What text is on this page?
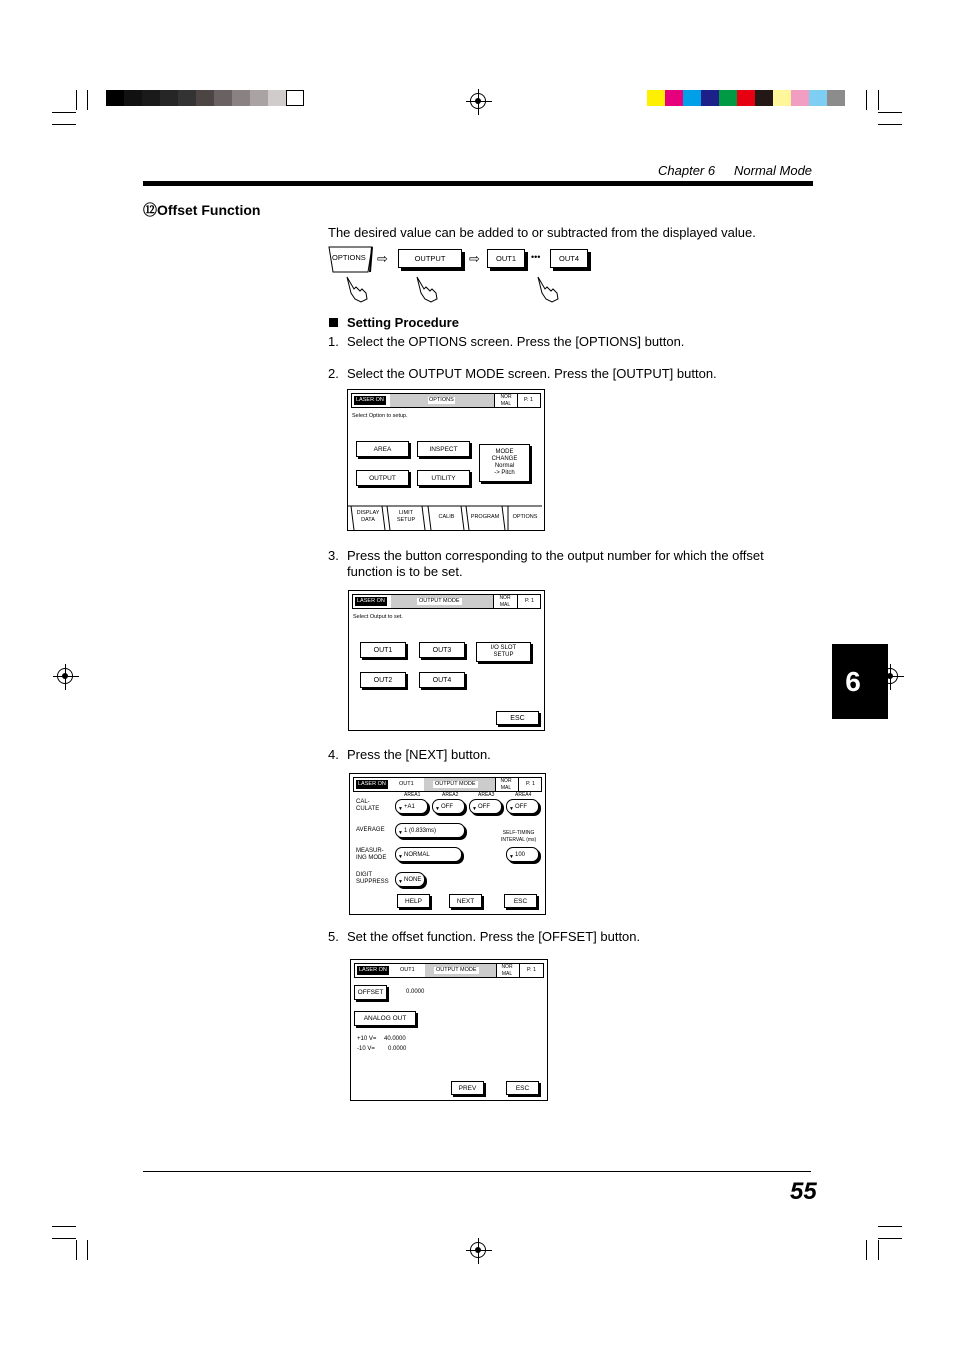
Chapter 6 Normal Mode
⑫Offset Function
The desired value can be added to or subtracted from the displayed value.
OPTIONS ⇨	OUTPUT	⇨	OUT1	•••	OUT4
Setting Procedure
1. Select the OPTIONS screen. Press the [OPTIONS] button.
2. Select the OUTPUT MODE screen. Press the [OUTPUT] button.
LASER ON	OPTIONS	NOR MAL
P. 1
Select Option to setup.
AREA	INSPECT
OUTPUT	UTILITY
MODE
CHANGE
Normal
-> Pitch
DISPLAY
DATA
LIMIT
SETUP	CALIB	PROGRAM	OPTIONS
3. Press the button corresponding to the output number for which the offset
function is to be set.
LASER ON	OUTPUT MODE	NOR MAL
P. 1
Select Output to set.
OUT1	OUT3	I/O SLOT
SETUP
OUT2	OUT4
ESC
4. Press the [NEXT] button.
LASER ON	OUT1	OUTPUT MODE	NOR MAL
P. 1
AREA1	AREA2	AREA3	AREA4
CAL-
CULATE	▼ +A1	▼ OFF	▼ OFF	▼ OFF
AVERAGE	▼ 1 (0.833ms)	SELF-TIMING
INTERVAL (ms)
▼ 100
MEASUR-
ING MODE ▼ NORMAL
DIGIT
SUPPRESS ▼ NONE
HELP	NEXT	ESC
5. Set the offset function. Press the [OFFSET] button.
LASER ON	OUT1	OUTPUT MODE	NOR MAL
P. 1
OFFSET	0.0000
ANALOG OUT
+10 V= 40.0000
-10 V= 0.0000
PREV	ESC
6
55
